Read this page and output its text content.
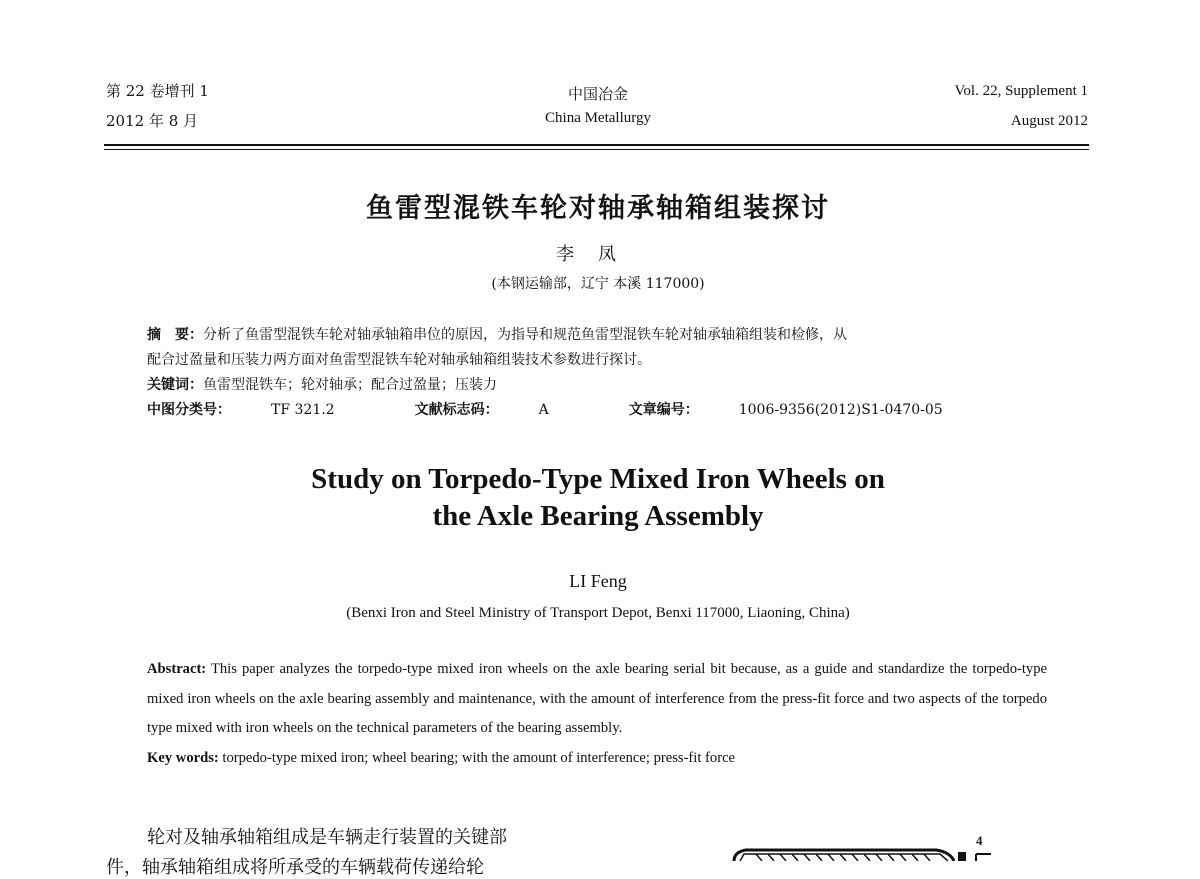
第 22 卷增刊 1
2012 年 8 月
中国冶金
China Metallurgy
Vol. 22, Supplement 1
August 2012
鱼雷型混铁车轮对轴承轴箱组装探讨
李凤
(本钢运输部，辽宁 本溪 117000)

摘　要：分析了鱼雷型混铁车轮对轴承轴箱串位的原因，为指导和规范鱼雷型混铁车轮对轴承轴箱组装和检修，从

配合过盈量和压装力两方面对鱼雷型混铁车轮对轴承轴箱组装技术参数进行探讨。

关键词：鱼雷型混铁车；轮对轴承；配合过盈量；压装力

中图分类号：	TF 321.2	文献标志码：	A	文章编号：	1006-9356(2012)S1-0470-05

Study on Torpedo-Type Mixed Iron Wheels on
the Axle Bearing Assembly
LI Feng
(Benxi Iron and Steel Ministry of Transport Depot, Benxi 117000, Liaoning, China)

Abstract: This paper analyzes the torpedo-type mixed iron wheels on the axle bearing serial bit because, as a guide and standardize the torpedo-type mixed iron wheels on the axle bearing assembly and maintenance, with the amount of interference from the press-fit force and two aspects of the torpedo type mixed with iron wheels on the technical parameters of the bearing assembly.

Key words: torpedo-type mixed iron; wheel bearing; with the amount of interference; press-fit force

轮对及轴承轴箱组成是车辆走行装置的关键部
件，轴承轴箱组成将所承受的车辆载荷传递给轮
4
